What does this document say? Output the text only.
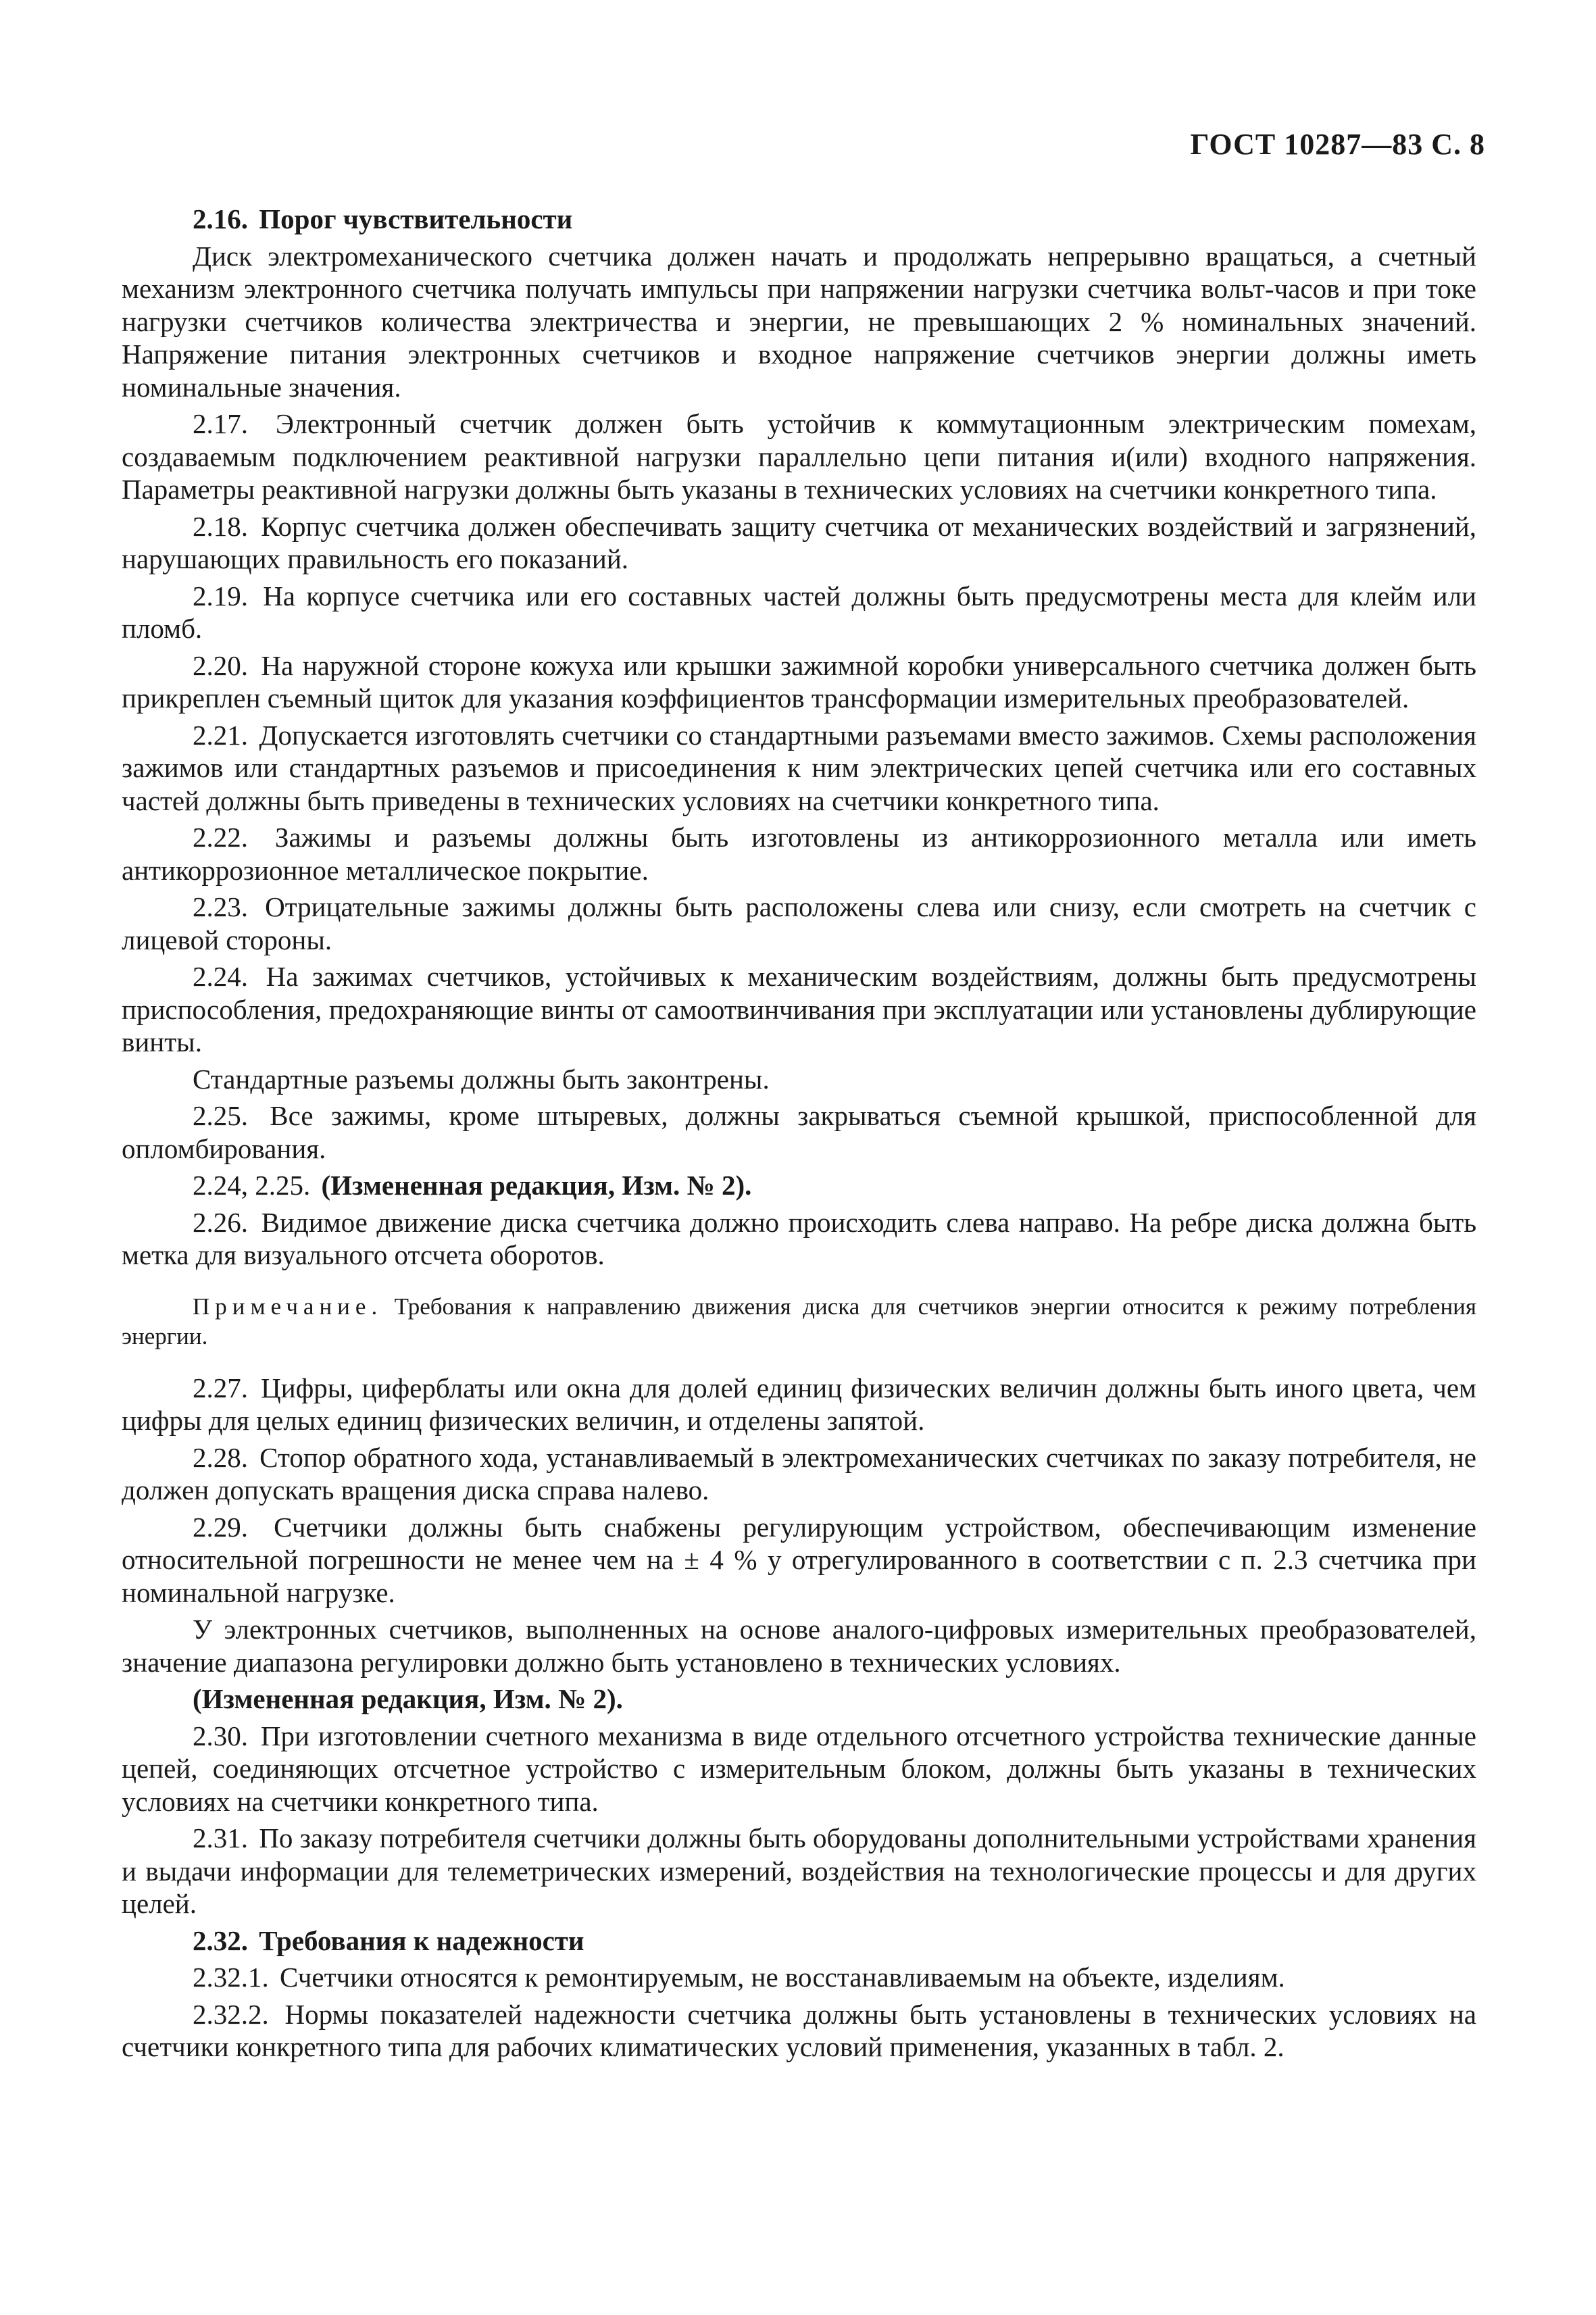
ГОСТ 10287—83 С. 8

2.16. Порог чувствительности

Диск электромеханического счетчика должен начать и продолжать непрерывно вращаться, а счетный механизм электронного счетчика получать импульсы при напряжении нагрузки счетчика вольт-часов и при токе нагрузки счетчиков количества электричества и энергии, не превышающих 2 % номинальных значений. Напряжение питания электронных счетчиков и входное напряжение счетчиков энергии должны иметь номинальные значения.

2.17. Электронный счетчик должен быть устойчив к коммутационным электрическим помехам, создаваемым подключением реактивной нагрузки параллельно цепи питания и(или) входного напряжения. Параметры реактивной нагрузки должны быть указаны в технических условиях на счетчики конкретного типа.

2.18. Корпус счетчика должен обеспечивать защиту счетчика от механических воздействий и загрязнений, нарушающих правильность его показаний.

2.19. На корпусе счетчика или его составных частей должны быть предусмотрены места для клейм или пломб.

2.20. На наружной стороне кожуха или крышки зажимной коробки универсального счетчика должен быть прикреплен съемный щиток для указания коэффициентов трансформации измерительных преобразователей.

2.21. Допускается изготовлять счетчики со стандартными разъемами вместо зажимов. Схемы расположения зажимов или стандартных разъемов и присоединения к ним электрических цепей счетчика или его составных частей должны быть приведены в технических условиях на счетчики конкретного типа.

2.22. Зажимы и разъемы должны быть изготовлены из антикоррозионного металла или иметь антикоррозионное металлическое покрытие.

2.23. Отрицательные зажимы должны быть расположены слева или снизу, если смотреть на счетчик с лицевой стороны.

2.24. На зажимах счетчиков, устойчивых к механическим воздействиям, должны быть предусмотрены приспособления, предохраняющие винты от самоотвинчивания при эксплуатации или установлены дублирующие винты.

Стандартные разъемы должны быть законтрены.

2.25. Все зажимы, кроме штыревых, должны закрываться съемной крышкой, приспособленной для опломбирования.

2.24, 2.25. (Измененная редакция, Изм. № 2).

2.26. Видимое движение диска счетчика должно происходить слева направо. На ребре диска должна быть метка для визуального отсчета оборотов.

Примечание. Требования к направлению движения диска для счетчиков энергии относится к режиму потребления энергии.

2.27. Цифры, циферблаты или окна для долей единиц физических величин должны быть иного цвета, чем цифры для целых единиц физических величин, и отделены запятой.

2.28. Стопор обратного хода, устанавливаемый в электромеханических счетчиках по заказу потребителя, не должен допускать вращения диска справа налево.

2.29. Счетчики должны быть снабжены регулирующим устройством, обеспечивающим изменение относительной погрешности не менее чем на ± 4 % у отрегулированного в соответствии с п. 2.3 счетчика при номинальной нагрузке.

У электронных счетчиков, выполненных на основе аналого-цифровых измерительных преобразователей, значение диапазона регулировки должно быть установлено в технических условиях.

(Измененная редакция, Изм. № 2).

2.30. При изготовлении счетного механизма в виде отдельного отсчетного устройства технические данные цепей, соединяющих отсчетное устройство с измерительным блоком, должны быть указаны в технических условиях на счетчики конкретного типа.

2.31. По заказу потребителя счетчики должны быть оборудованы дополнительными устройствами хранения и выдачи информации для телеметрических измерений, воздействия на технологические процессы и для других целей.

2.32. Требования к надежности

2.32.1. Счетчики относятся к ремонтируемым, не восстанавливаемым на объекте, изделиям.

2.32.2. Нормы показателей надежности счетчика должны быть установлены в технических условиях на счетчики конкретного типа для рабочих климатических условий применения, указанных в табл. 2.
